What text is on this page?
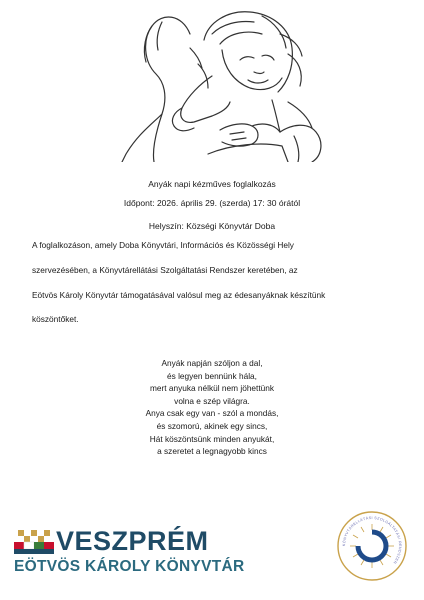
Anyák napi kézműves foglalkozás
Időpont: 2026. április 29. (szerda) 17: 30 órától
Helyszín: Községi Könyvtár Doba
A foglalkozáson, amely Doba Könyvtári, Információs és Közösségi Hely
szervezésében, a Könyvtárellátási Szolgáltatási Rendszer keretében, az
Eötvös Károly Könyvtár támogatásával valósul meg az édesanyáknak készítünk
köszöntőket.
Anyák napján szóljon a dal,
és legyen bennünk hála,
mert anyuka nélkül nem jöhettünk
volna e szép világra.
Anya csak egy van - szól a mondás,
és szomorú, akinek egy sincs,
Hát köszöntsünk minden anyukát,
a szeretet a legnagyobb kincs
VESZPRÉM
EÖTVÖS KÁROLY KÖNYVTÁR
KÖNYVTÁRELLÁTÁSI SZOLGÁLTATÁSI RENDSZER
